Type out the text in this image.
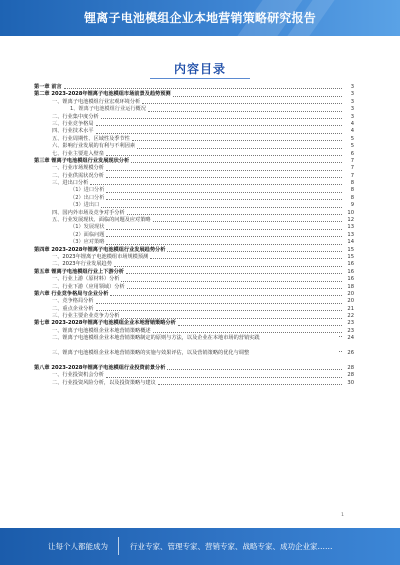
锂离子电池模组企业本地营销策略研究报告
内容目录
第一章 前言	3
第二章 2023-2028年锂离子电池模组市场前景及趋势预测	3
一、锂离子电池模组行业宏观环境分析	3
1、锂离子电池模组行业运行概况	3
二、行业集中度分析	3
三、行业竞争格局	4
四、行业技术水平	4
五、行业周期性、区域性及季节性	5
六、影响行业发展的有利与不利因素	5
七、行业主要进入壁垒	6
第三章 锂离子电池模组行业发展现状分析	7
一、行业市场规模分析	7
二、行业供需状况分析	7
三、进出口分析	8
（1）进口分析	8
（2）出口分析	8
（3）进出口	9
四、国内外市场及竞争对手分析	10
五、行业发展现状、面临的问题及应对策略	12
（1）发展现状	13
（2）面临问题	13
（3）应对策略	14
第四章 2023-2028年锂离子电池模组行业发展趋势分析	15
一、2023年锂离子电池模组市场规模预测	15
二、2023年行业发展趋势	16
第五章 锂离子电池模组行业上下游分析	16
一、行业上游（原材料）分析	16
二、行业下游（应用领域）分析	18
第六章 行业竞争格局与企业分析	20
一、竞争格局分析	20
二、重点企业分析	21
三、行业主要企业竞争力分析	22
第七章 2023-2028年锂离子电池模组企业本地营销策略分析	23
一、锂离子电池模组企业本地营销策略概述	23
二、锂离子电池模组企业本地营销策略制定的原则与方法，以及企业在本地市场的营销实践	24
三、锂离子电池模组企业本地营销策略的实施与效果评估，以及营销策略的优化与调整	26
第八章 2023-2028年锂离子电池模组行业投资前景分析	28
一、行业投资机会分析	28
二、行业投资风险分析，以及投资策略与建议	30
1
让每个人都能成为	行业专家、管理专家、营销专家、战略专家、成功企业家……
